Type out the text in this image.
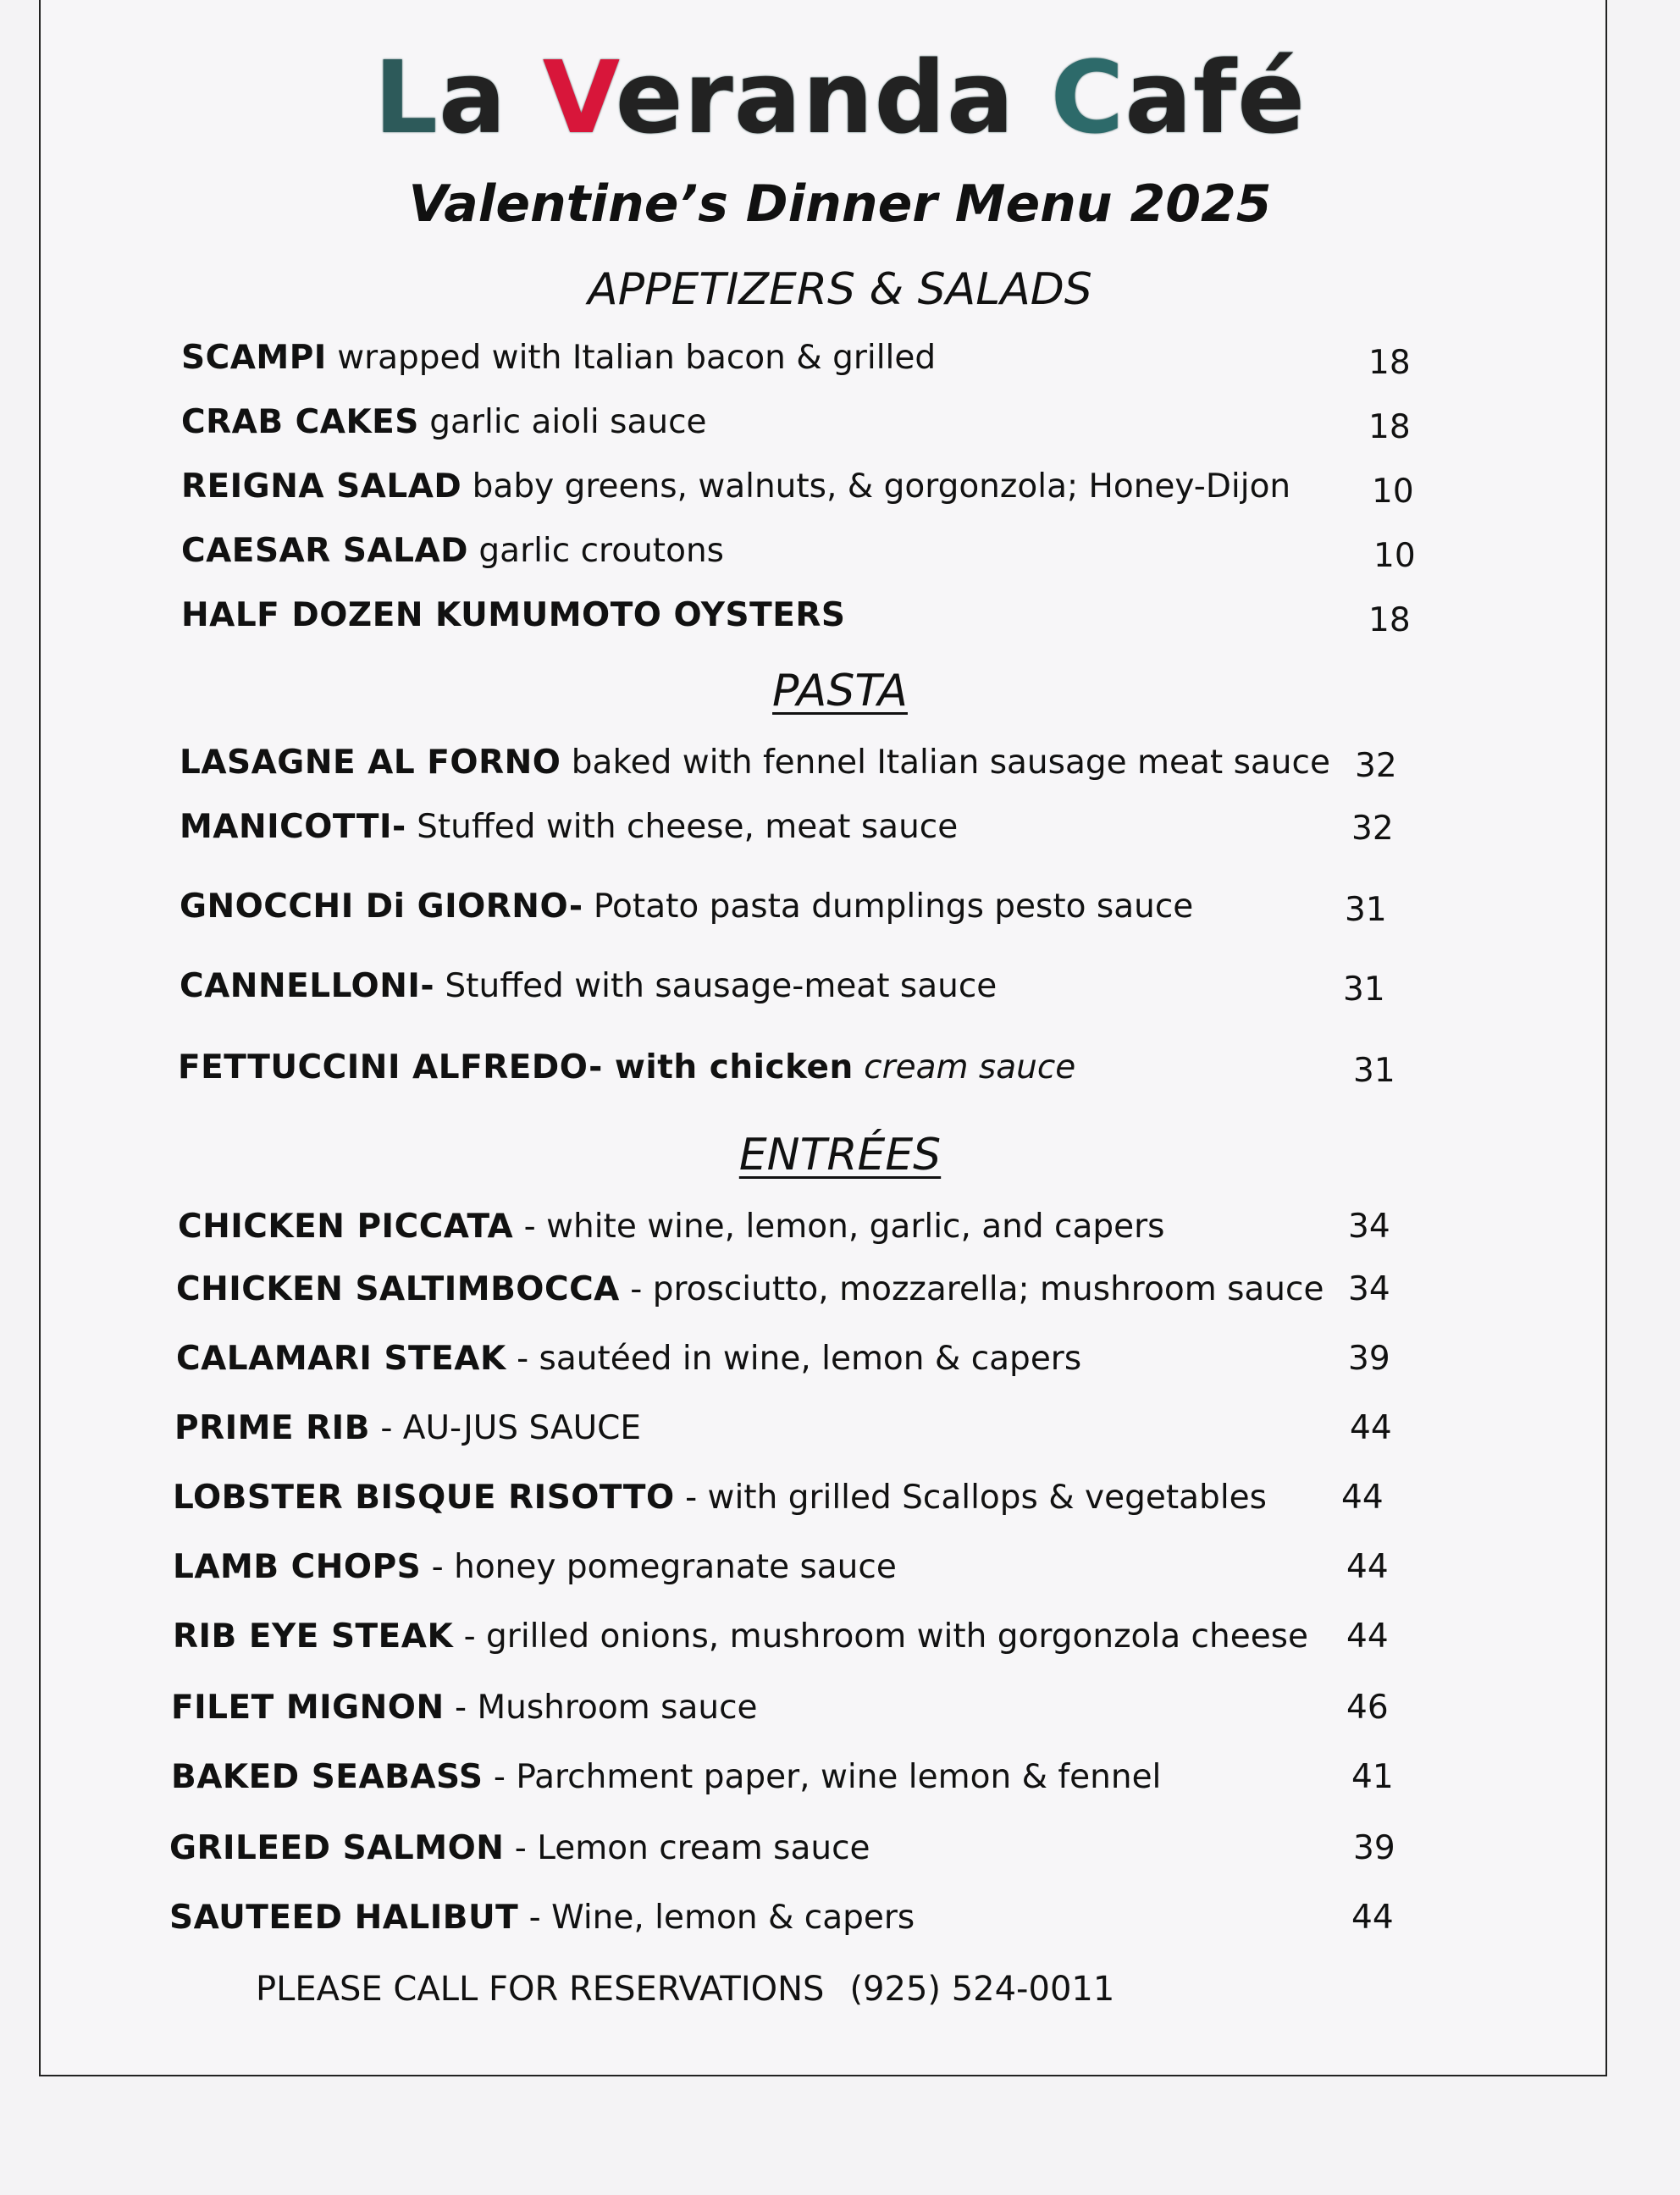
La Veranda Café
Valentine’s Dinner Menu 2025
APPETIZERS & SALADS
SCAMPI wrapped with Italian bacon & grilled	18
CRAB CAKES garlic aioli sauce	18
REIGNA SALAD baby greens, walnuts, & gorgonzola; Honey-Dijon 10
CAESAR SALAD garlic croutons	10
HALF DOZEN KUMUMOTO OYSTERS	18
PASTA
LASAGNE AL FORNO baked with fennel Italian sausage meat sauce 32
MANICOTTI- Stuffed with cheese, meat sauce	32
GNOCCHI Di GIORNO- Potato pasta dumplings pesto sauce	31
CANNELLONI- Stuffed with sausage-meat sauce	31
FETTUCCINI ALFREDO- with chicken cream sauce	31
ENTRÉES
CHICKEN PICCATA - white wine, lemon, garlic, and capers	34
CHICKEN SALTIMBOCCA - prosciutto, mozzarella; mushroom sauce 34
CALAMARI STEAK - sautéed in wine, lemon & capers	39
PRIME RIB - AU-JUS SAUCE	44
LOBSTER BISQUE RISOTTO - with grilled Scallops & vegetables 44
LAMB CHOPS - honey pomegranate sauce	44
RIB EYE STEAK - grilled onions, mushroom with gorgonzola cheese 44
FILET MIGNON - Mushroom sauce	46
BAKED SEABASS - Parchment paper, wine lemon & fennel	41
GRILEED SALMON - Lemon cream sauce	39
SAUTEED HALIBUT - Wine, lemon & capers	44
PLEASE CALL FOR RESERVATIONS (925) 524-0011
